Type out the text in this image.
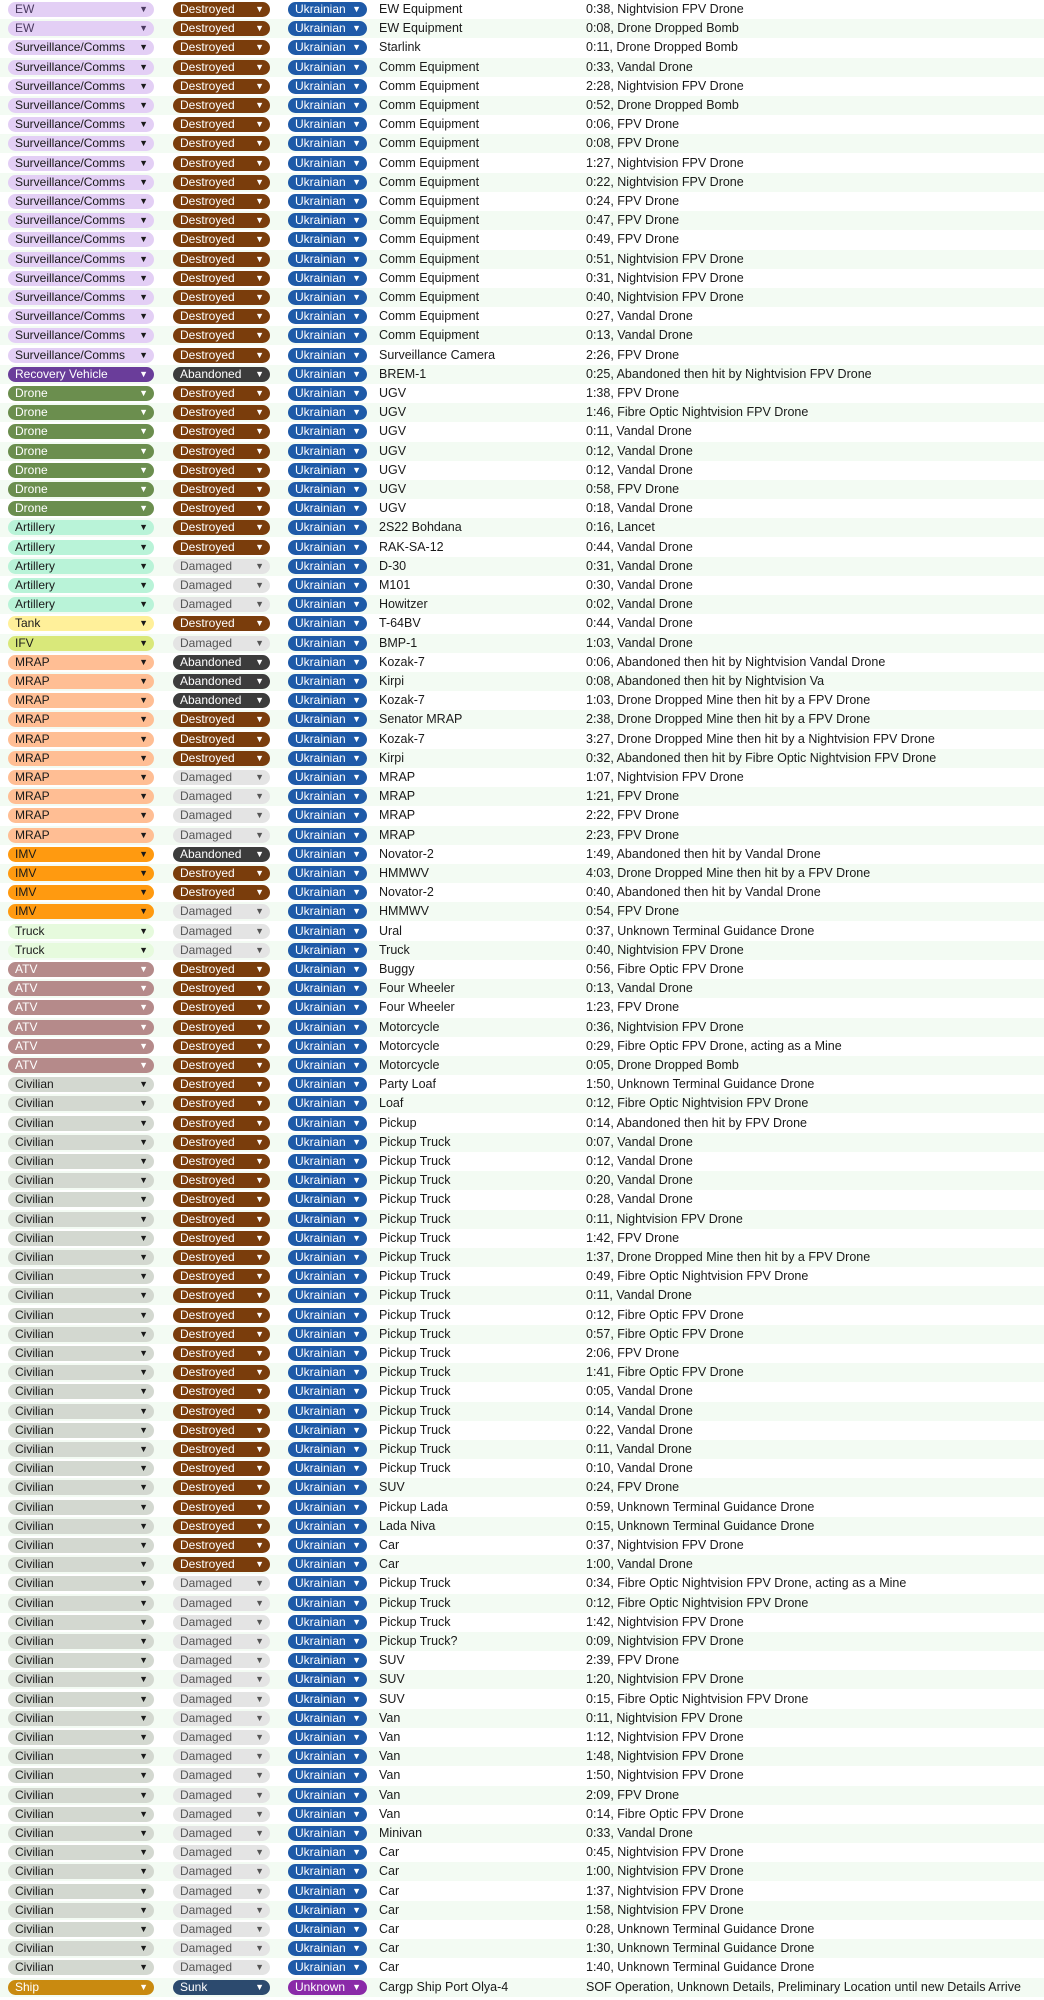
EW	▼	Destroyed ▼	Ukrainian ▼ EW Equipment	0:38, Nightvision FPV Drone
EW	▼	Destroyed ▼	Ukrainian ▼ EW Equipment	0:08, Drone Dropped Bomb
Surveillance/Comms ▼	Destroyed ▼	Ukrainian ▼ Starlink	0:11, Drone Dropped Bomb
Surveillance/Comms ▼	Destroyed ▼	Ukrainian ▼ Comm Equipment	0:33, Vandal Drone
Surveillance/Comms ▼	Destroyed ▼	Ukrainian ▼ Comm Equipment	2:28, Nightvision FPV Drone
Surveillance/Comms ▼	Destroyed ▼	Ukrainian ▼ Comm Equipment	0:52, Drone Dropped Bomb
Surveillance/Comms ▼	Destroyed ▼	Ukrainian ▼ Comm Equipment	0:06, FPV Drone
Surveillance/Comms ▼	Destroyed ▼	Ukrainian ▼ Comm Equipment	0:08, FPV Drone
Surveillance/Comms ▼	Destroyed ▼	Ukrainian ▼ Comm Equipment	1:27, Nightvision FPV Drone
Surveillance/Comms ▼	Destroyed ▼	Ukrainian ▼ Comm Equipment	0:22, Nightvision FPV Drone
Surveillance/Comms ▼	Destroyed ▼	Ukrainian ▼ Comm Equipment	0:24, FPV Drone
Surveillance/Comms ▼	Destroyed ▼	Ukrainian ▼ Comm Equipment	0:47, FPV Drone
Surveillance/Comms ▼	Destroyed ▼	Ukrainian ▼ Comm Equipment	0:49, FPV Drone
Surveillance/Comms ▼	Destroyed ▼	Ukrainian ▼ Comm Equipment	0:51, Nightvision FPV Drone
Surveillance/Comms ▼	Destroyed ▼	Ukrainian ▼ Comm Equipment	0:31, Nightvision FPV Drone
Surveillance/Comms ▼	Destroyed ▼	Ukrainian ▼ Comm Equipment	0:40, Nightvision FPV Drone
Surveillance/Comms ▼	Destroyed ▼	Ukrainian ▼ Comm Equipment	0:27, Vandal Drone
Surveillance/Comms ▼	Destroyed ▼	Ukrainian ▼ Comm Equipment	0:13, Vandal Drone
Surveillance/Comms ▼	Destroyed ▼	Ukrainian ▼ Surveillance Camera	2:26, FPV Drone
Recovery Vehicle	▼	Abandoned ▼	Ukrainian ▼ BREM-1	0:25, Abandoned then hit by Nightvision FPV Drone
Drone	▼	Destroyed ▼	Ukrainian ▼ UGV	1:38, FPV Drone
Drone	▼	Destroyed ▼	Ukrainian ▼ UGV	1:46, Fibre Optic Nightvision FPV Drone
Drone	▼	Destroyed ▼	Ukrainian ▼ UGV	0:11, Vandal Drone
Drone	▼	Destroyed ▼	Ukrainian ▼ UGV	0:12, Vandal Drone
Drone	▼	Destroyed ▼	Ukrainian ▼ UGV	0:12, Vandal Drone
Drone	▼	Destroyed ▼	Ukrainian ▼ UGV	0:58, FPV Drone
Drone	▼	Destroyed ▼	Ukrainian ▼ UGV	0:18, Vandal Drone
Artillery	▼	Destroyed ▼	Ukrainian ▼ 2S22 Bohdana	0:16, Lancet
Artillery	▼	Destroyed ▼	Ukrainian ▼ RAK-SA-12	0:44, Vandal Drone
Artillery	▼	Damaged	▼	Ukrainian ▼ D-30	0:31, Vandal Drone
Artillery	▼	Damaged	▼	Ukrainian ▼ M101	0:30, Vandal Drone
Artillery	▼	Damaged	▼	Ukrainian ▼ Howitzer	0:02, Vandal Drone
Tank	▼	Destroyed ▼	Ukrainian ▼ T-64BV	0:44, Vandal Drone
IFV	▼	Damaged	▼	Ukrainian ▼ BMP-1	1:03, Vandal Drone
MRAP	▼	Abandoned ▼	Ukrainian ▼ Kozak-7	0:06, Abandoned then hit by Nightvision Vandal Drone
MRAP	▼	Abandoned ▼	Ukrainian ▼ Kirpi	0:08, Abandoned then hit by Nightvision Va
MRAP	▼	Abandoned ▼	Ukrainian ▼ Kozak-7	1:03, Drone Dropped Mine then hit by a FPV Drone
MRAP	▼	Destroyed ▼	Ukrainian ▼ Senator MRAP	2:38, Drone Dropped Mine then hit by a FPV Drone
MRAP	▼	Destroyed ▼	Ukrainian ▼ Kozak-7	3:27, Drone Dropped Mine then hit by a Nightvision FPV Drone
MRAP	▼	Destroyed ▼	Ukrainian ▼ Kirpi	0:32, Abandoned then hit by Fibre Optic Nightvision FPV Drone
MRAP	▼	Damaged	▼	Ukrainian ▼ MRAP	1:07, Nightvision FPV Drone
MRAP	▼	Damaged	▼	Ukrainian ▼ MRAP	1:21, FPV Drone
MRAP	▼	Damaged	▼	Ukrainian ▼ MRAP	2:22, FPV Drone
MRAP	▼	Damaged	▼	Ukrainian ▼ MRAP	2:23, FPV Drone
IMV	▼	Abandoned ▼	Ukrainian ▼ Novator-2	1:49, Abandoned then hit by Vandal Drone
IMV	▼	Destroyed ▼	Ukrainian ▼ HMMWV	4:03, Drone Dropped Mine then hit by a FPV Drone
IMV	▼	Destroyed ▼	Ukrainian ▼ Novator-2	0:40, Abandoned then hit by Vandal Drone
IMV	▼	Damaged	▼	Ukrainian ▼ HMMWV	0:54, FPV Drone
Truck	▼	Damaged	▼	Ukrainian ▼ Ural	0:37, Unknown Terminal Guidance Drone
Truck	▼	Damaged	▼	Ukrainian ▼ Truck	0:40, Nightvision FPV Drone
ATV	▼	Destroyed ▼	Ukrainian ▼ Buggy	0:56, Fibre Optic FPV Drone
ATV	▼	Destroyed ▼	Ukrainian ▼ Four Wheeler	0:13, Vandal Drone
ATV	▼	Destroyed ▼	Ukrainian ▼ Four Wheeler	1:23, FPV Drone
ATV	▼	Destroyed ▼	Ukrainian ▼ Motorcycle	0:36, Nightvision FPV Drone
ATV	▼	Destroyed ▼	Ukrainian ▼ Motorcycle	0:29, Fibre Optic FPV Drone, acting as a Mine
ATV	▼	Destroyed ▼	Ukrainian ▼ Motorcycle	0:05, Drone Dropped Bomb
Civilian	▼	Destroyed ▼	Ukrainian ▼ Party Loaf	1:50, Unknown Terminal Guidance Drone
Civilian	▼	Destroyed ▼	Ukrainian ▼ Loaf	0:12, Fibre Optic Nightvision FPV Drone
Civilian	▼	Destroyed ▼	Ukrainian ▼ Pickup	0:14, Abandoned then hit by FPV Drone
Civilian	▼	Destroyed ▼	Ukrainian ▼ Pickup Truck	0:07, Vandal Drone
Civilian	▼	Destroyed ▼	Ukrainian ▼ Pickup Truck	0:12, Vandal Drone
Civilian	▼	Destroyed ▼	Ukrainian ▼ Pickup Truck	0:20, Vandal Drone
Civilian	▼	Destroyed ▼	Ukrainian ▼ Pickup Truck	0:28, Vandal Drone
Civilian	▼	Destroyed ▼	Ukrainian ▼ Pickup Truck	0:11, Nightvision FPV Drone
Civilian	▼	Destroyed ▼	Ukrainian ▼ Pickup Truck	1:42, FPV Drone
Civilian	▼	Destroyed ▼	Ukrainian ▼ Pickup Truck	1:37, Drone Dropped Mine then hit by a FPV Drone
Civilian	▼	Destroyed ▼	Ukrainian ▼ Pickup Truck	0:49, Fibre Optic Nightvision FPV Drone
Civilian	▼	Destroyed ▼	Ukrainian ▼ Pickup Truck	0:11, Vandal Drone
Civilian	▼	Destroyed ▼	Ukrainian ▼ Pickup Truck	0:12, Fibre Optic FPV Drone
Civilian	▼	Destroyed ▼	Ukrainian ▼ Pickup Truck	0:57, Fibre Optic FPV Drone
Civilian	▼	Destroyed ▼	Ukrainian ▼ Pickup Truck	2:06, FPV Drone
Civilian	▼	Destroyed ▼	Ukrainian ▼ Pickup Truck	1:41, Fibre Optic FPV Drone
Civilian	▼	Destroyed ▼	Ukrainian ▼ Pickup Truck	0:05, Vandal Drone
Civilian	▼	Destroyed ▼	Ukrainian ▼ Pickup Truck	0:14, Vandal Drone
Civilian	▼	Destroyed ▼	Ukrainian ▼ Pickup Truck	0:22, Vandal Drone
Civilian	▼	Destroyed ▼	Ukrainian ▼ Pickup Truck	0:11, Vandal Drone
Civilian	▼	Destroyed ▼	Ukrainian ▼ Pickup Truck	0:10, Vandal Drone
Civilian	▼	Destroyed ▼	Ukrainian ▼ SUV	0:24, FPV Drone
Civilian	▼	Destroyed ▼	Ukrainian ▼ Pickup Lada	0:59, Unknown Terminal Guidance Drone
Civilian	▼	Destroyed ▼	Ukrainian ▼ Lada Niva	0:15, Unknown Terminal Guidance Drone
Civilian	▼	Destroyed ▼	Ukrainian ▼ Car	0:37, Nightvision FPV Drone
Civilian	▼	Destroyed ▼	Ukrainian ▼ Car	1:00, Vandal Drone
Civilian	▼	Damaged	▼	Ukrainian ▼ Pickup Truck	0:34, Fibre Optic Nightvision FPV Drone, acting as a Mine
Civilian	▼	Damaged	▼	Ukrainian ▼ Pickup Truck	0:12, Fibre Optic Nightvision FPV Drone
Civilian	▼	Damaged	▼	Ukrainian ▼ Pickup Truck	1:42, Nightvision FPV Drone
Civilian	▼	Damaged	▼	Ukrainian ▼ Pickup Truck?	0:09, Nightvision FPV Drone
Civilian	▼	Damaged	▼	Ukrainian ▼ SUV	2:39, FPV Drone
Civilian	▼	Damaged	▼	Ukrainian ▼ SUV	1:20, Nightvision FPV Drone
Civilian	▼	Damaged	▼	Ukrainian ▼ SUV	0:15, Fibre Optic Nightvision FPV Drone
Civilian	▼	Damaged	▼	Ukrainian ▼ Van	0:11, Nightvision FPV Drone
Civilian	▼	Damaged	▼	Ukrainian ▼ Van	1:12, Nightvision FPV Drone
Civilian	▼	Damaged	▼	Ukrainian ▼ Van	1:48, Nightvision FPV Drone
Civilian	▼	Damaged	▼	Ukrainian ▼ Van	1:50, Nightvision FPV Drone
Civilian	▼	Damaged	▼	Ukrainian ▼ Van	2:09, FPV Drone
Civilian	▼	Damaged	▼	Ukrainian ▼ Van	0:14, Fibre Optic FPV Drone
Civilian	▼	Damaged	▼	Ukrainian ▼ Minivan	0:33, Vandal Drone
Civilian	▼	Damaged	▼	Ukrainian ▼ Car	0:45, Nightvision FPV Drone
Civilian	▼	Damaged	▼	Ukrainian ▼ Car	1:00, Nightvision FPV Drone
Civilian	▼	Damaged	▼	Ukrainian ▼ Car	1:37, Nightvision FPV Drone
Civilian	▼	Damaged	▼	Ukrainian ▼ Car	1:58, Nightvision FPV Drone
Civilian	▼	Damaged	▼	Ukrainian ▼ Car	0:28, Unknown Terminal Guidance Drone
Civilian	▼	Damaged	▼	Ukrainian ▼ Car	1:30, Unknown Terminal Guidance Drone
Civilian	▼	Damaged	▼	Ukrainian ▼ Car	1:40, Unknown Terminal Guidance Drone
Ship	▼	Sunk	▼	Unknown ▼ Cargp Ship Port Olya-4	SOF Operation, Unknown Details, Preliminary Location until new Details Arrive
